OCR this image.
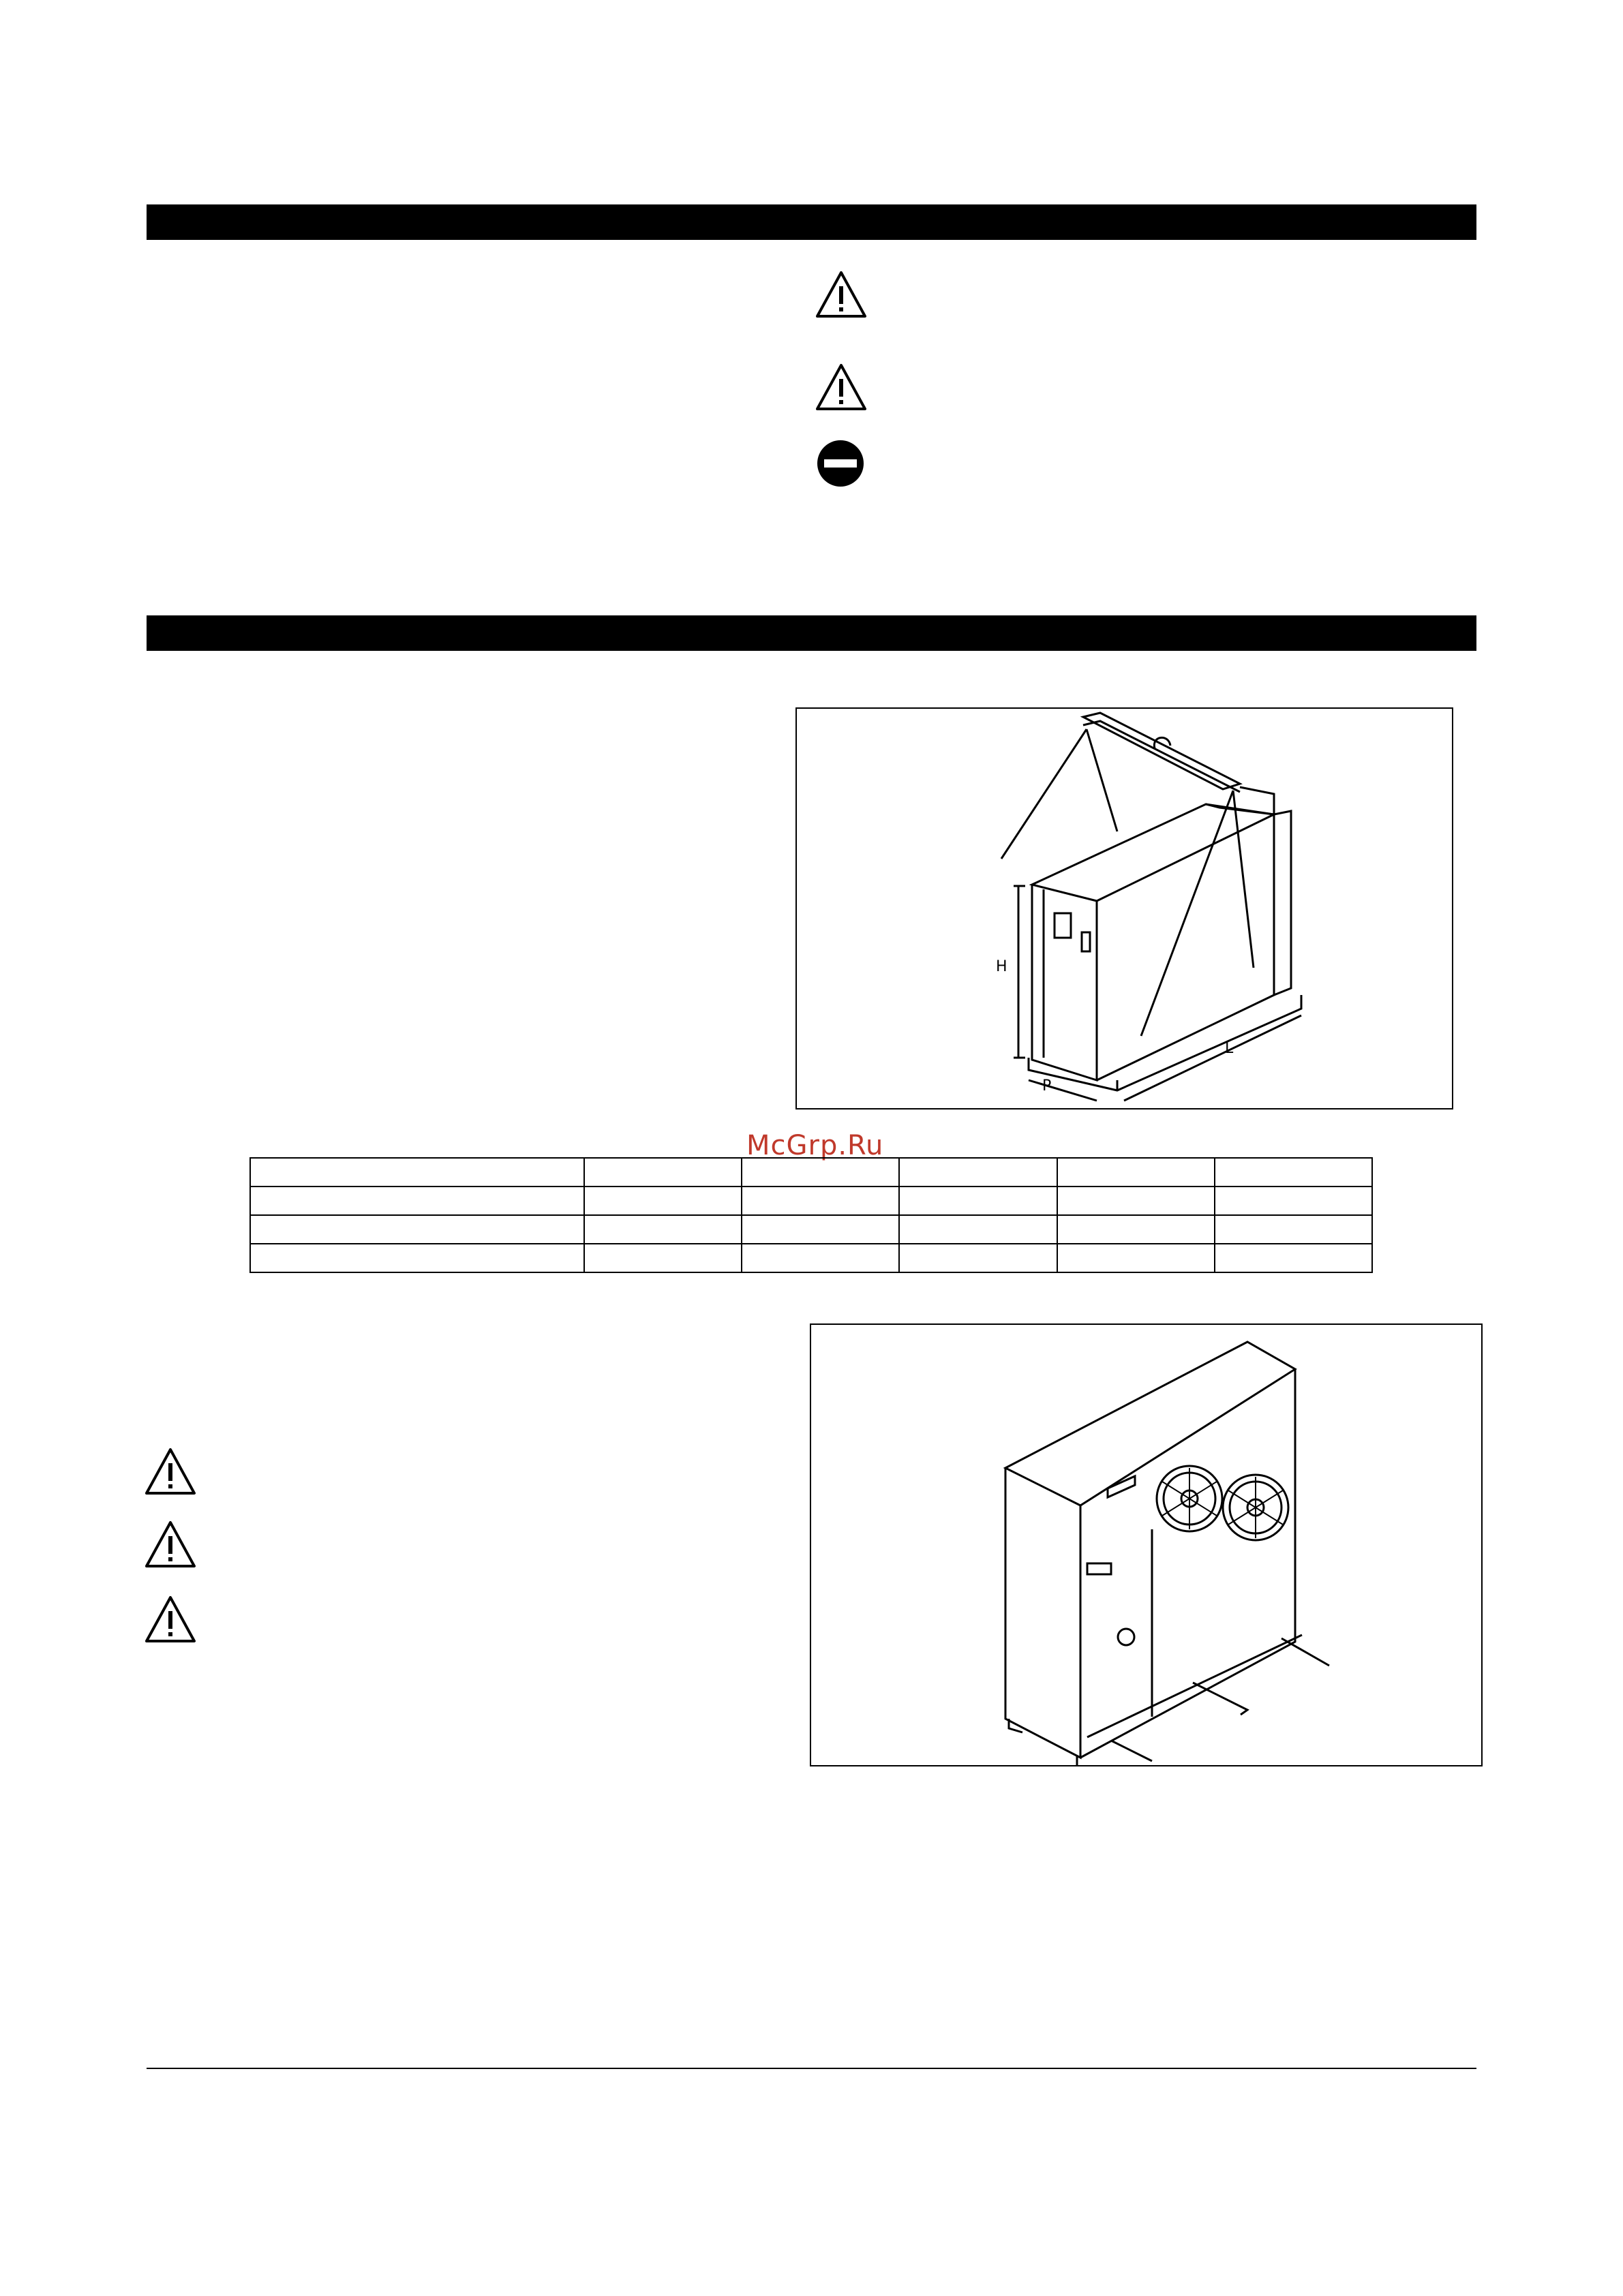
H
P
L
McGrp.Ru
